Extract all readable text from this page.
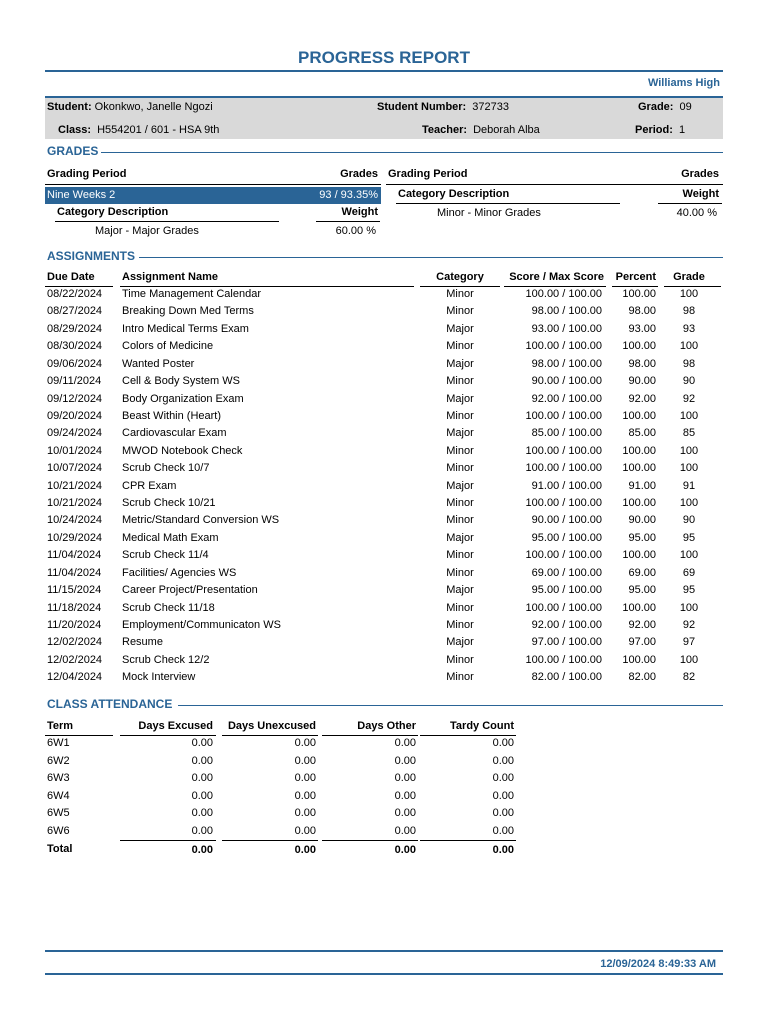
PROGRESS REPORT
Williams High
Student: Okonkwo, Janelle Ngozi	Student Number: 372733	Grade: 09
Class: H554201 / 601 - HSA 9th	Teacher: Deborah Alba	Period: 1
GRADES
Grading Period	Grades
Nine Weeks 2	93 / 93.35%
Category Description	Weight
Major - Major Grades	60.00 %
Grading Period	Grades
Category Description	Weight
Minor - Minor Grades	40.00 %
ASSIGNMENTS
Due Date Assignment Name	Category	Score / Max Score	Percent	Grade
08/22/2024	Time Management Calendar	Minor	100.00 / 100.00	100.00	100
08/27/2024	Breaking Down Med Terms	Minor	98.00 / 100.00	98.00	98
08/29/2024	Intro Medical Terms Exam	Major	93.00 / 100.00	93.00	93
08/30/2024	Colors of Medicine	Minor	100.00 / 100.00	100.00	100
09/06/2024	Wanted Poster	Major	98.00 / 100.00	98.00	98
09/11/2024	Cell & Body System WS	Minor	90.00 / 100.00	90.00	90
09/12/2024	Body Organization Exam	Major	92.00 / 100.00	92.00	92
09/20/2024	Beast Within (Heart)	Minor	100.00 / 100.00	100.00	100
09/24/2024	Cardiovascular Exam	Major	85.00 / 100.00	85.00	85
10/01/2024	MWOD Notebook Check	Minor	100.00 / 100.00	100.00	100
10/07/2024	Scrub Check 10/7	Minor	100.00 / 100.00	100.00	100
10/21/2024	CPR Exam	Major	91.00 / 100.00	91.00	91
10/21/2024	Scrub Check 10/21	Minor	100.00 / 100.00	100.00	100
10/24/2024	Metric/Standard Conversion WS	Minor	90.00 / 100.00	90.00	90
10/29/2024	Medical Math Exam	Major	95.00 / 100.00	95.00	95
11/04/2024	Scrub Check 11/4	Minor	100.00 / 100.00	100.00	100
11/04/2024	Facilities/ Agencies WS	Minor	69.00 / 100.00	69.00	69
11/15/2024	Career Project/Presentation	Major	95.00 / 100.00	95.00	95
11/18/2024	Scrub Check 11/18	Minor	100.00 / 100.00	100.00	100
11/20/2024	Employment/Communicaton WS	Minor	92.00 / 100.00	92.00	92
12/02/2024	Resume	Major	97.00 / 100.00	97.00	97
12/02/2024	Scrub Check 12/2	Minor	100.00 / 100.00	100.00	100
12/04/2024	Mock Interview	Minor	82.00 / 100.00	82.00	82
CLASS ATTENDANCE
Term	Days Excused	Days Unexcused	Days Other	Tardy Count
6W1	0.00	0.00	0.00	0.00
6W2	0.00	0.00	0.00	0.00
6W3	0.00	0.00	0.00	0.00
6W4	0.00	0.00	0.00	0.00
6W5	0.00	0.00	0.00	0.00
6W6	0.00	0.00	0.00	0.00
Total	0.00	0.00	0.00	0.00
12/09/2024 8:49:33 AM
